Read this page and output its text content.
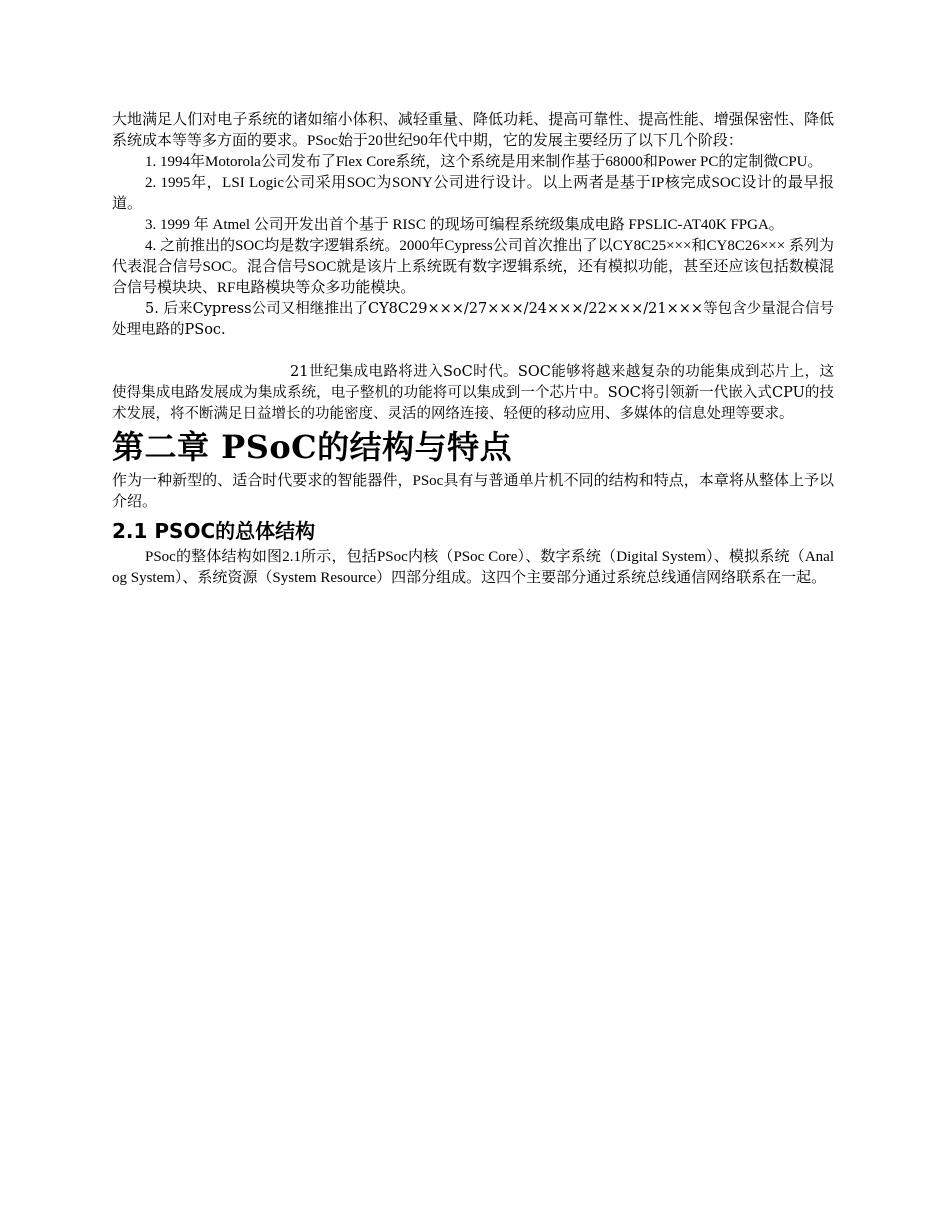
大地满足人们对电子系统的诸如缩小体积、减轻重量、降低功耗、提高可靠性、提高性能、增强保密性、降低系统成本等等多方面的要求。PSoc始于20世纪90年代中期，它的发展主要经历了以下几个阶段：

1. 1994年Motorola公司发布了Flex Core系统，这个系统是用来制作基于68000和Power PC的定制微CPU。

2. 1995年，LSI Logic公司采用SOC为SONY公司进行设计。以上两者是基于IP核完成SOC设计的最早报道。

3. 1999 年 Atmel 公司开发出首个基于 RISC 的现场可编程系统级集成电路 FPSLIC-AT40K FPGA。

4. 之前推出的SOC均是数字逻辑系统。2000年Cypress公司首次推出了以CY8C25×××和CY8C26××× 系列为代表混合信号SOC。混合信号SOC就是该片上系统既有数字逻辑系统，还有模拟功能，甚至还应该包括数模混合信号模块块、RF电路模块等众多功能模块。

5. 后来Cypress公司又相继推出了CY8C29×××/27×××/24×××/22×××/21×××等包含少量混合信号处理电路的PSoc.

21世纪集成电路将进入SoC时代。SOC能够将越来越复杂的功能集成到芯片上，这使得集成电路发展成为集成系统，电子整机的功能将可以集成到一个芯片中。SOC将引领新一代嵌入式CPU的技术发展，将不断满足日益增长的功能密度、灵活的网络连接、轻便的移动应用、多媒体的信息处理等要求。

第二章 PSoC的结构与特点

作为一种新型的、适合时代要求的智能器件，PSoc具有与普通单片机不同的结构和特点，本章将从整体上予以介绍。

2.1 PSOC的总体结构

PSoc的整体结构如图2.1所示，包括PSoc内核（PSoc Core）、数字系统（Digital System）、模拟系统（Analog System）、系统资源（System Resource）四部分组成。这四个主要部分通过系统总线通信网络联系在一起。
